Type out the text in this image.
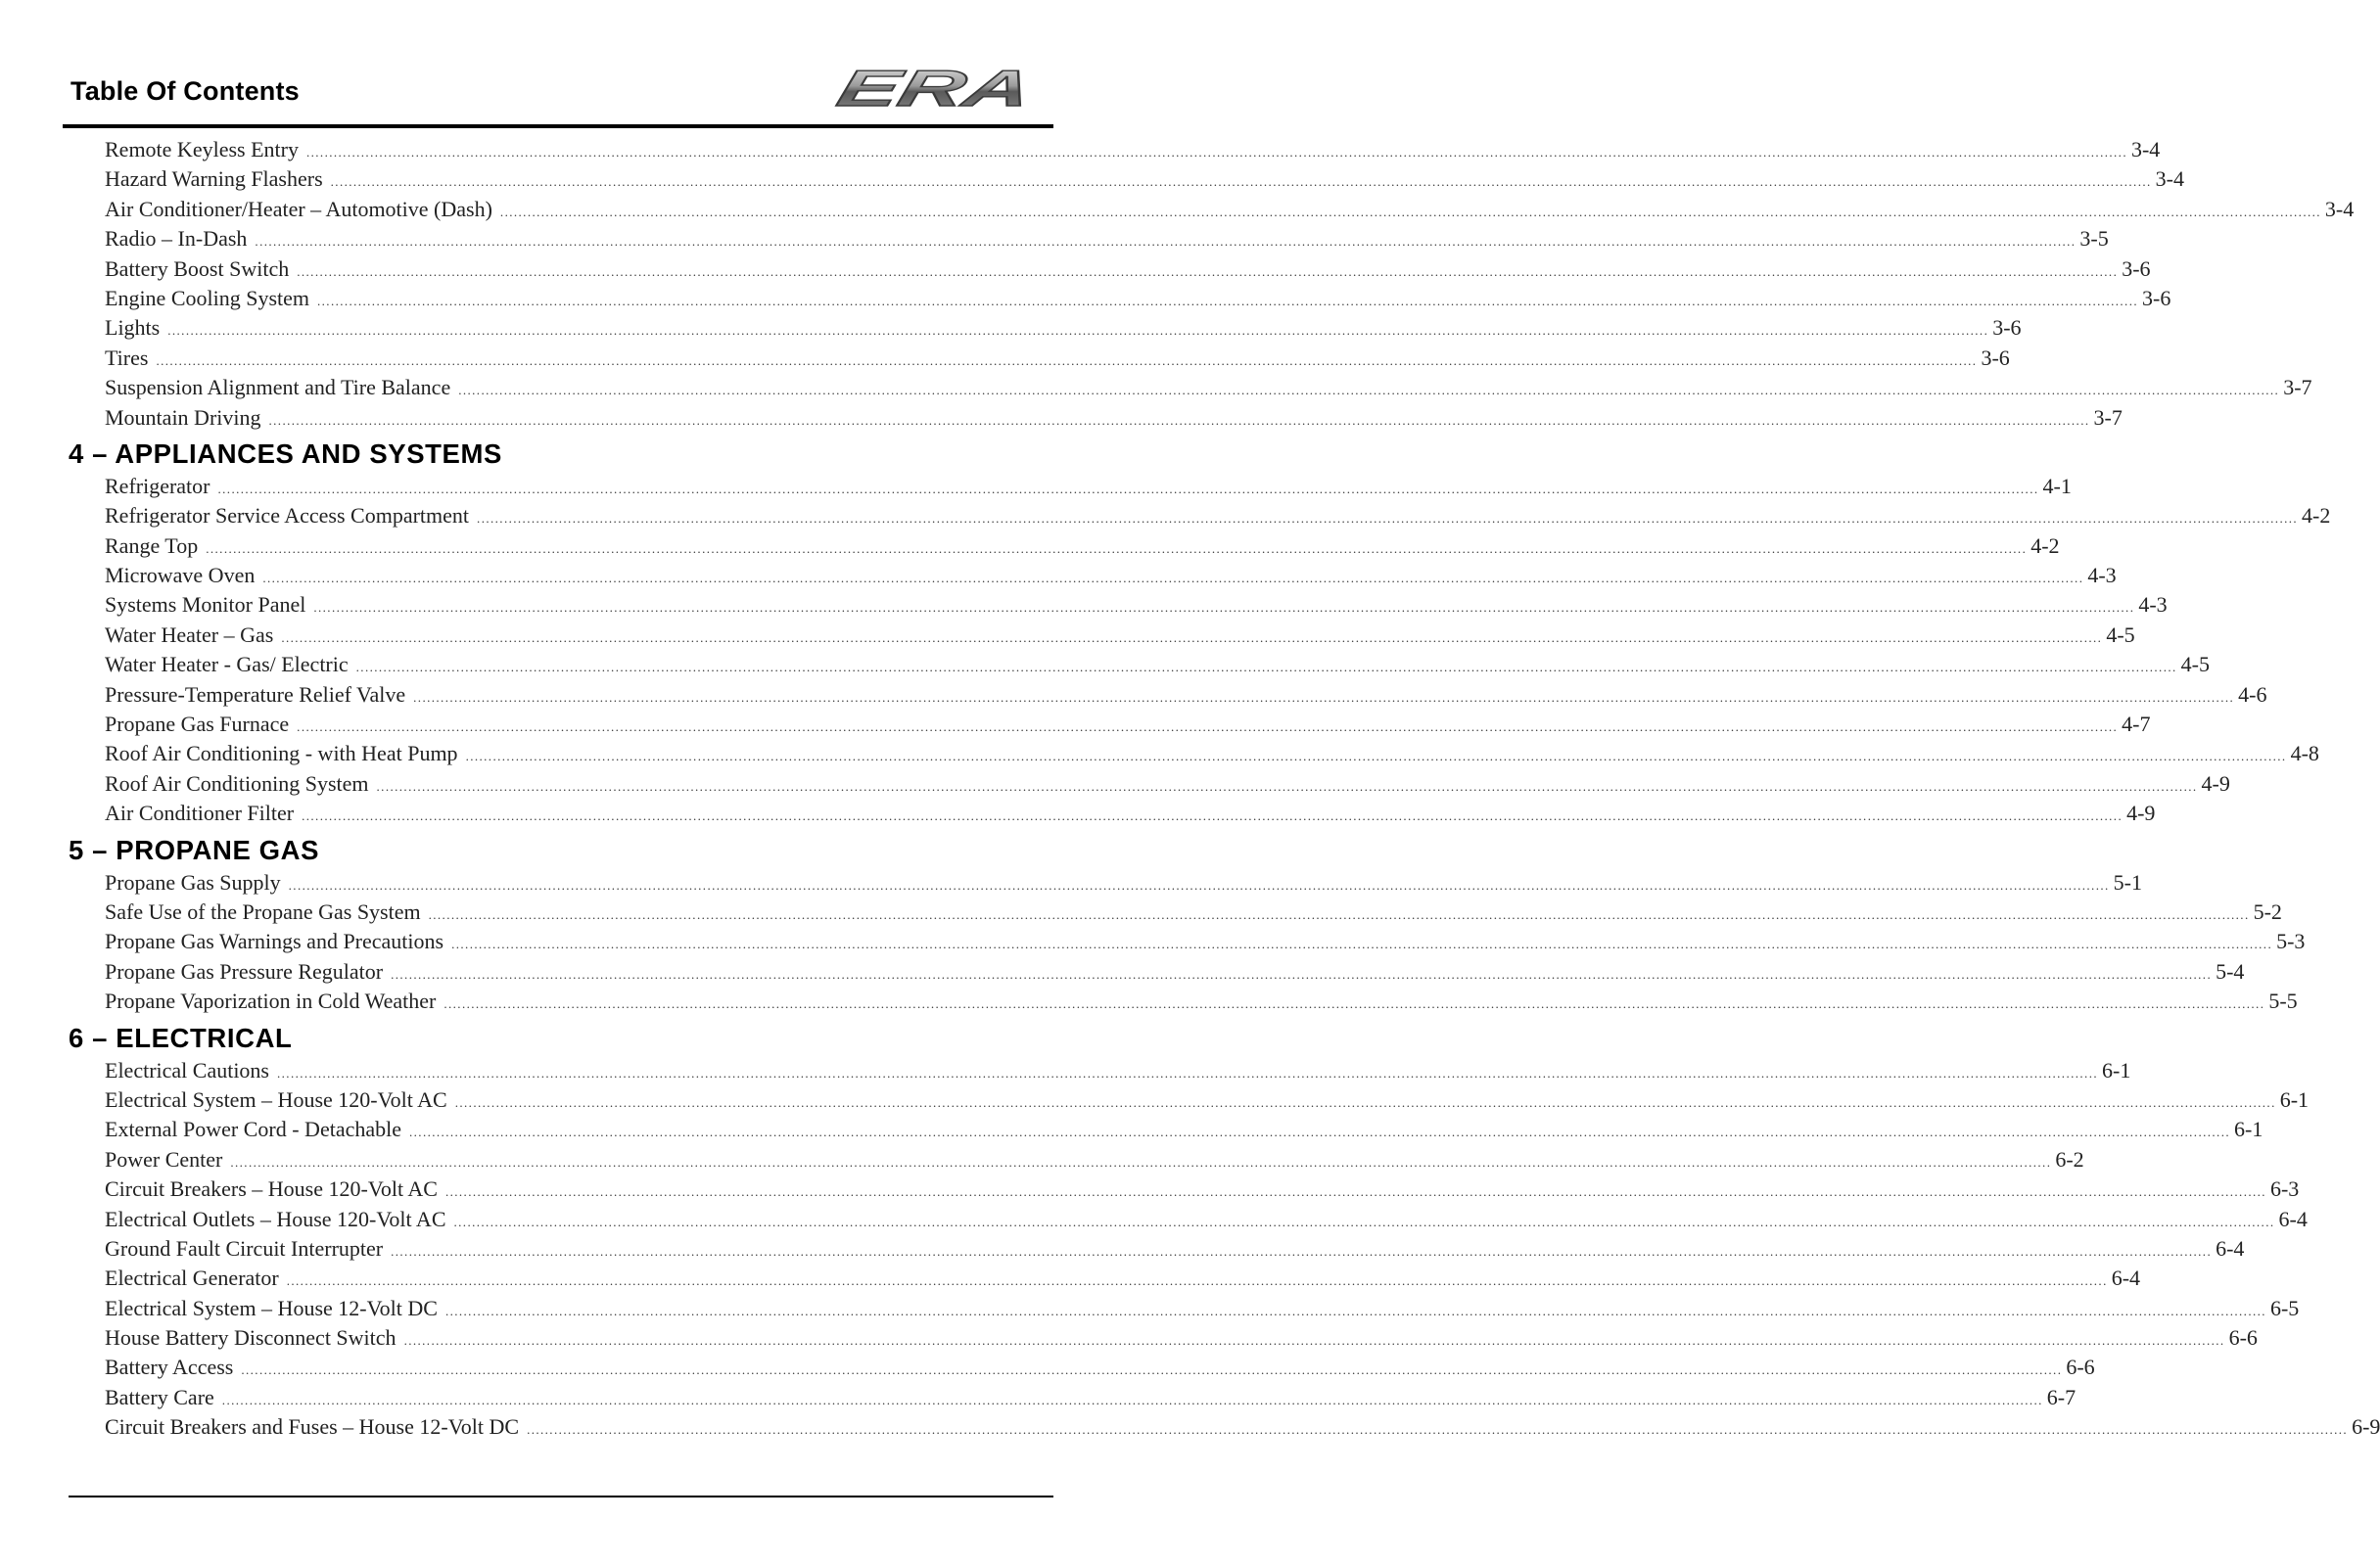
Table Of Contents	ERA
Remote Keyless Entry ................................................................................................................................................................................................................................................................................................................................................................................................................ 3-4
Hazard Warning Flashers ................................................................................................................................................................................................................................................................................................................................................................................................................ 3-4
Air Conditioner/Heater – Automotive (Dash) ................................................................................................................................................................................................................................................................................................................................................................................................................ 3-4
Radio – In-Dash ................................................................................................................................................................................................................................................................................................................................................................................................................ 3-5
Battery Boost Switch ................................................................................................................................................................................................................................................................................................................................................................................................................ 3-6
Engine Cooling System ................................................................................................................................................................................................................................................................................................................................................................................................................ 3-6
Lights ................................................................................................................................................................................................................................................................................................................................................................................................................ 3-6
Tires ................................................................................................................................................................................................................................................................................................................................................................................................................ 3-6
Suspension Alignment and Tire Balance ................................................................................................................................................................................................................................................................................................................................................................................................................ 3-7
Mountain Driving ................................................................................................................................................................................................................................................................................................................................................................................................................ 3-7
4 – APPLIANCES AND SYSTEMS
Refrigerator ................................................................................................................................................................................................................................................................................................................................................................................................................ 4-1
Refrigerator Service Access Compartment ................................................................................................................................................................................................................................................................................................................................................................................................................ 4-2
Range Top ................................................................................................................................................................................................................................................................................................................................................................................................................ 4-2
Microwave Oven ................................................................................................................................................................................................................................................................................................................................................................................................................ 4-3
Systems Monitor Panel ................................................................................................................................................................................................................................................................................................................................................................................................................ 4-3
Water Heater – Gas ................................................................................................................................................................................................................................................................................................................................................................................................................ 4-5
Water Heater - Gas/ Electric ................................................................................................................................................................................................................................................................................................................................................................................................................ 4-5
Pressure-Temperature Relief Valve ................................................................................................................................................................................................................................................................................................................................................................................................................ 4-6
Propane Gas Furnace ................................................................................................................................................................................................................................................................................................................................................................................................................ 4-7
Roof Air Conditioning - with Heat Pump ................................................................................................................................................................................................................................................................................................................................................................................................................ 4-8
Roof Air Conditioning System ................................................................................................................................................................................................................................................................................................................................................................................................................ 4-9
Air Conditioner Filter ................................................................................................................................................................................................................................................................................................................................................................................................................ 4-9
5 – PROPANE GAS
Propane Gas Supply ................................................................................................................................................................................................................................................................................................................................................................................................................ 5-1
Safe Use of the Propane Gas System ................................................................................................................................................................................................................................................................................................................................................................................................................ 5-2
Propane Gas Warnings and Precautions ................................................................................................................................................................................................................................................................................................................................................................................................................ 5-3
Propane Gas Pressure Regulator ................................................................................................................................................................................................................................................................................................................................................................................................................ 5-4
Propane Vaporization in Cold Weather ................................................................................................................................................................................................................................................................................................................................................................................................................ 5-5
6 – ELECTRICAL
Electrical Cautions ................................................................................................................................................................................................................................................................................................................................................................................................................ 6-1
Electrical System – House 120-Volt AC ................................................................................................................................................................................................................................................................................................................................................................................................................ 6-1
External Power Cord - Detachable ................................................................................................................................................................................................................................................................................................................................................................................................................ 6-1
Power Center ................................................................................................................................................................................................................................................................................................................................................................................................................ 6-2
Circuit Breakers – House 120-Volt AC ................................................................................................................................................................................................................................................................................................................................................................................................................ 6-3
Electrical Outlets – House 120-Volt AC ................................................................................................................................................................................................................................................................................................................................................................................................................ 6-4
Ground Fault Circuit Interrupter ................................................................................................................................................................................................................................................................................................................................................................................................................ 6-4
Electrical Generator ................................................................................................................................................................................................................................................................................................................................................................................................................ 6-4
Electrical System – House 12-Volt DC ................................................................................................................................................................................................................................................................................................................................................................................................................ 6-5
House Battery Disconnect Switch ................................................................................................................................................................................................................................................................................................................................................................................................................ 6-6
Battery Access ................................................................................................................................................................................................................................................................................................................................................................................................................ 6-6
Battery Care ................................................................................................................................................................................................................................................................................................................................................................................................................ 6-7
Circuit Breakers and Fuses – House 12-Volt DC ................................................................................................................................................................................................................................................................................................................................................................................................................ 6-9
